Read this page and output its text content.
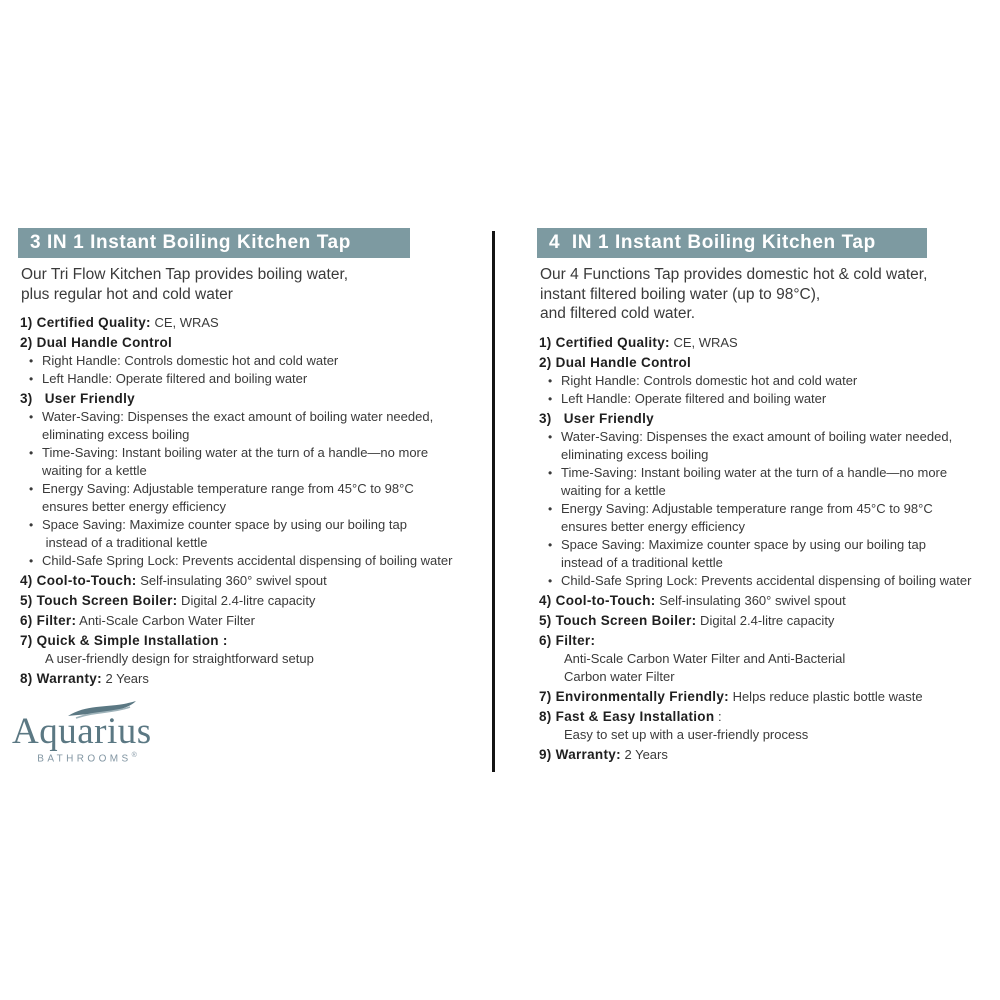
3 IN 1 Instant Boiling Kitchen Tap
Our Tri Flow Kitchen Tap provides boiling water,
plus regular hot and cold water
1) Certified Quality: CE, WRAS
2) Dual Handle Control
• Right Handle: Controls domestic hot and cold water
• Left Handle: Operate filtered and boiling water
3)   User Friendly
• Water-Saving: Dispenses the exact amount of boiling water needed,
eliminating excess boiling
• Time-Saving: Instant boiling water at the turn of a handle—no more
waiting for a kettle
• Energy Saving: Adjustable temperature range from 45°C to 98°C
ensures better energy efficiency
• Space Saving: Maximize counter space by using our boiling tap
instead of a traditional kettle
• Child-Safe Spring Lock: Prevents accidental dispensing of boiling water
4) Cool-to-Touch: Self-insulating 360° swivel spout
5) Touch Screen Boiler: Digital 2.4-litre capacity
6) Filter: Anti-Scale Carbon Water Filter
7) Quick & Simple Installation :
A user-friendly design for straightforward setup
8) Warranty: 2 Years
4  IN 1 Instant Boiling Kitchen Tap
Our 4 Functions Tap provides domestic hot & cold water,
instant filtered boiling water (up to 98°C),
and filtered cold water.
1) Certified Quality: CE, WRAS
2) Dual Handle Control
• Right Handle: Controls domestic hot and cold water
• Left Handle: Operate filtered and boiling water
3)   User Friendly
• Water-Saving: Dispenses the exact amount of boiling water needed,
eliminating excess boiling
• Time-Saving: Instant boiling water at the turn of a handle—no more
waiting for a kettle
• Energy Saving: Adjustable temperature range from 45°C to 98°C
ensures better energy efficiency
• Space Saving: Maximize counter space by using our boiling tap
instead of a traditional kettle
• Child-Safe Spring Lock: Prevents accidental dispensing of boiling water
4) Cool-to-Touch: Self-insulating 360° swivel spout
5) Touch Screen Boiler: Digital 2.4-litre capacity
6) Filter:
Anti-Scale Carbon Water Filter and Anti-Bacterial
Carbon water Filter
7) Environmentally Friendly: Helps reduce plastic bottle waste
8) Fast & Easy Installation :
Easy to set up with a user-friendly process
9) Warranty: 2 Years
Aquarius
BATHROOMS®
